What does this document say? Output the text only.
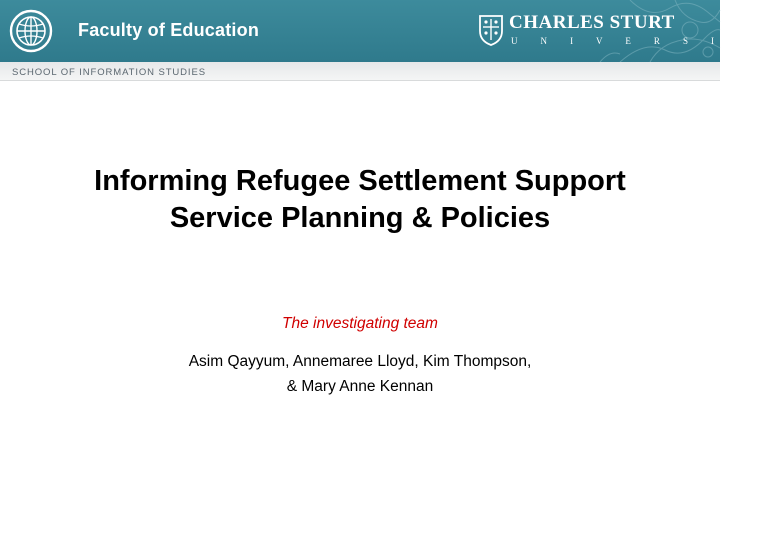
Faculty of Education	CHARLES STURT
U N I V E R S I T Y
SCHOOL OF INFORMATION STUDIES
Informing Refugee Settlement Support
Service Planning & Policies
The investigating team
Asim Qayyum, Annemaree Lloyd, Kim Thompson,
& Mary Anne Kennan
